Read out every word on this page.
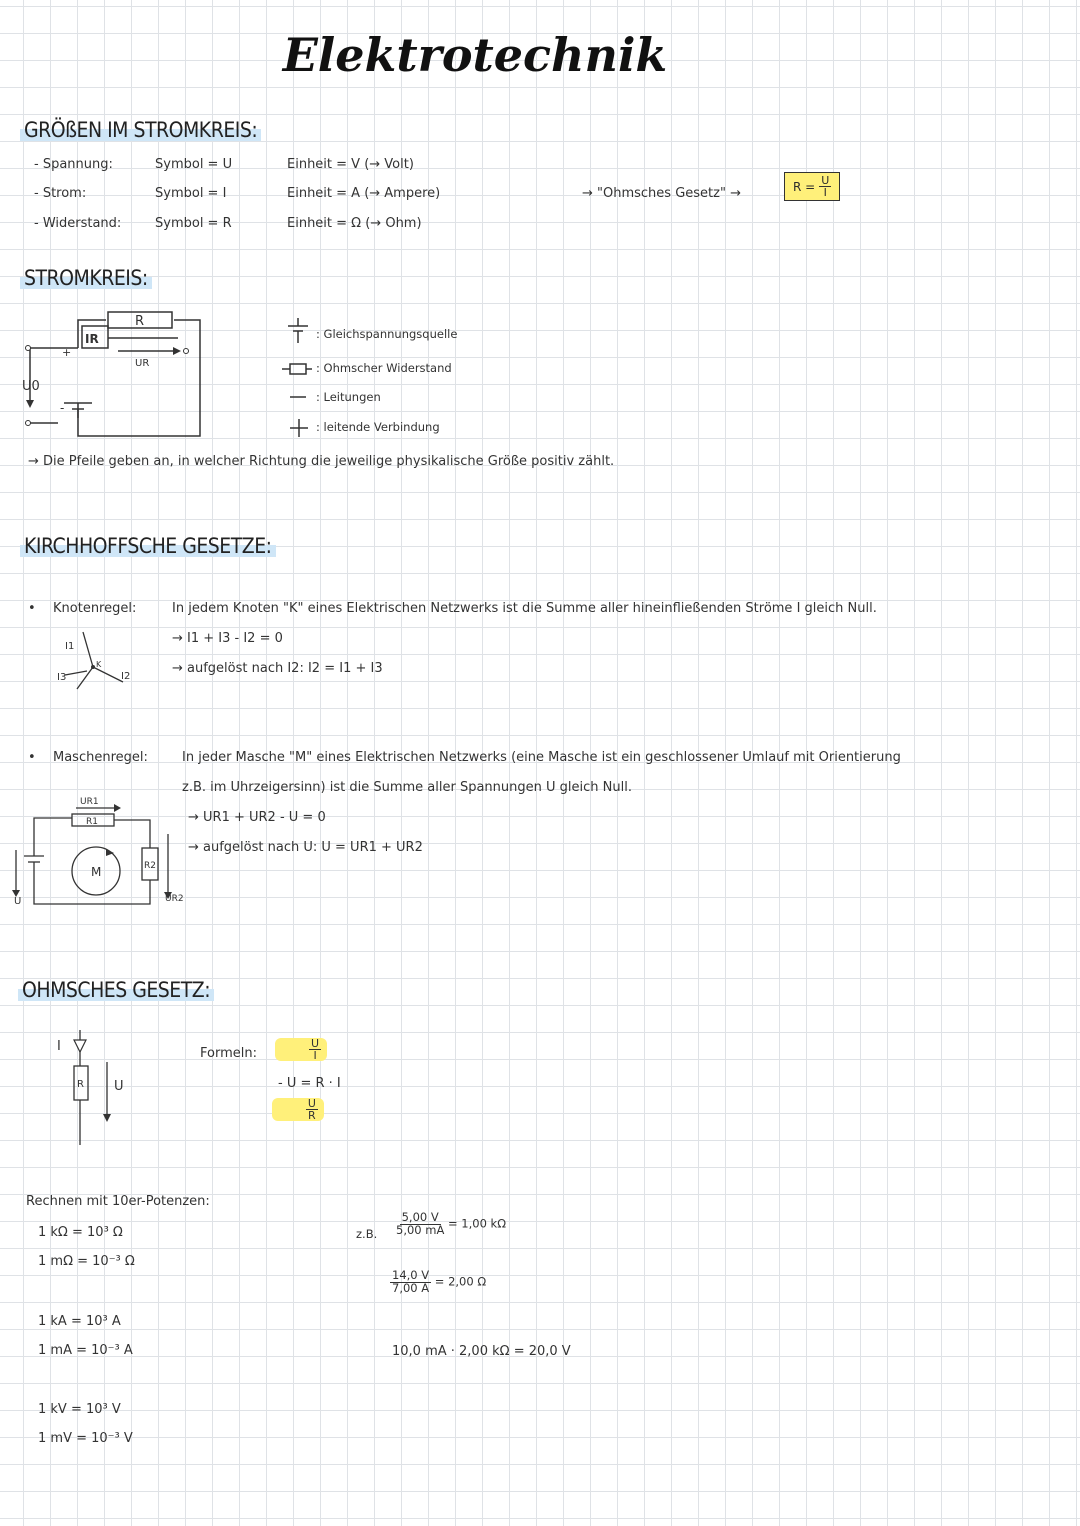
Elektrotechnik
GRÖßEN IM STROMKREIS:
- Spannung:	Symbol = U	Einheit = V (→ Volt)
- Strom:	Symbol = I	Einheit = A (→ Ampere)
- Widerstand:	Symbol = R	Einheit = Ω (→ Ohm)
→ "Ohmsches Gesetz" →	$R = \frac{U}{I}$
STROMKREIS:
R
IR
UR
+
-
U0
: Gleichspannungsquelle
: Ohmscher Widerstand
: Leitungen
: leitende Verbindung
→ Die Pfeile geben an, in welcher Richtung die jeweilige physikalische Größe positiv zählt.
KIRCHHOFFSCHE GESETZE:
• Knotenregel:	In jedem Knoten "K" eines Elektrischen Netzwerks ist die Summe aller hineinfließenden Ströme I gleich Null.
→ I1 + I3 - I2 = 0
→ aufgelöst nach I2: I2 = I1 + I3
I1
I2
I3
K
• Maschenregel:	In jeder Masche "M" eines Elektrischen Netzwerks (eine Masche ist ein geschlossener Umlauf mit Orientierung
z.B. im Uhrzeigersinn) ist die Summe aller Spannungen U gleich Null.
→ UR1 + UR2 - U = 0
→ aufgelöst nach U: U = UR1 + UR2
UR1
R1
R2
UR2
M
U
OHMSCHES GESETZ:
I
R U
Formeln:	$\frac{U}{I}$
- U = R · I
$\frac{U}{R}$
Rechnen mit 10er-Potenzen:
1 kΩ = 10³ Ω
1 mΩ = 10⁻³ Ω
1 kA = 10³ A
1 mA = 10⁻³ A
1 kV = 10³ V
1 mV = 10⁻³ V
z.B. $\frac{5,00 V}{5,00 mA} = 1,00$ kΩ
$\frac{14,0 V}{7,00 A} = 2,00$ Ω
10,0 mA · 2,00 kΩ = 20,0 V
